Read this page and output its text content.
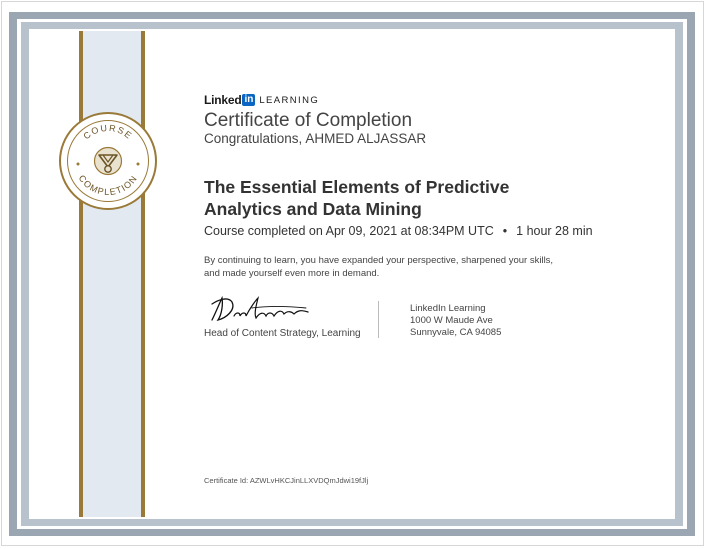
COURSE
COMPLETION
Linked in LEARNING
Certificate of Completion
Congratulations, AHMED ALJASSAR
The Essential Elements of Predictive Analytics and Data Mining
Course completed on Apr 09, 2021 at 08:34PM UTC • 1 hour 28 min
By continuing to learn, you have expanded your perspective, sharpened your skills, and made yourself even more in demand.
Head of Content Strategy, Learning
LinkedIn Learning
1000 W Maude Ave
Sunnyvale, CA 94085
Certificate Id: AZWLvHKCJinLLXVDQmJdwi19fJlj
